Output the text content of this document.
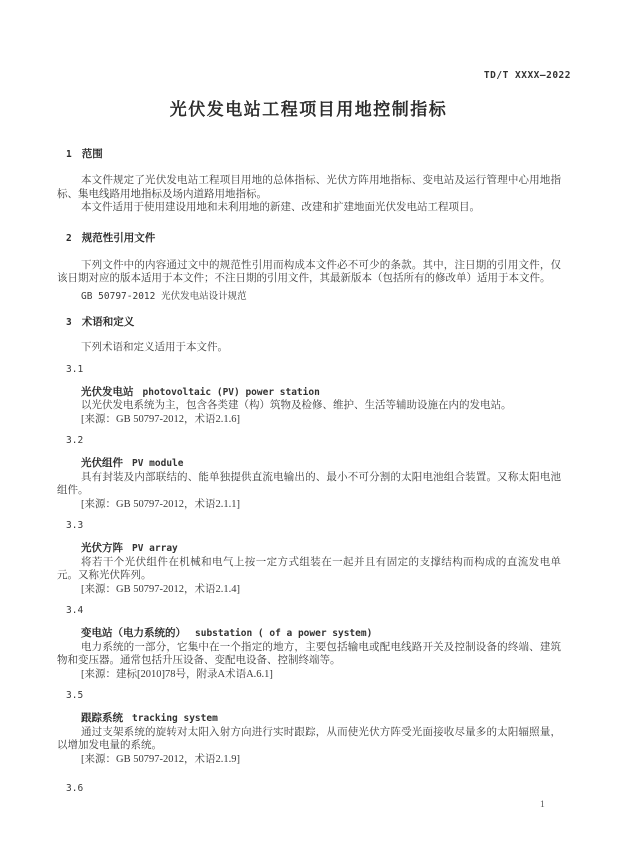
TD/T XXXX—2022
光伏发电站工程项目用地控制指标
1 范围

本文件规定了光伏发电站工程项目用地的总体指标、光伏方阵用地指标、变电站及运行管理中心用地指标、集电线路用地指标及场内道路用地指标。

本文件适用于使用建设用地和未利用地的新建、改建和扩建地面光伏发电站工程项目。

2 规范性引用文件

下列文件中的内容通过文中的规范性引用而构成本文件必不可少的条款。其中，注日期的引用文件，仅该日期对应的版本适用于本文件；不注日期的引用文件，其最新版本（包括所有的修改单）适用于本文件。

GB 50797-2012 光伏发电站设计规范
3 术语和定义

下列术语和定义适用于本文件。

3.1
光伏发电站 photovoltaic (PV) power station

以光伏发电系统为主，包含各类建（构）筑物及检修、维护、生活等辅助设施在内的发电站。

[来源：GB 50797-2012，术语2.1.6]
3.2
光伏组件 PV module

具有封装及内部联结的、能单独提供直流电输出的、最小不可分割的太阳电池组合装置。又称太阳电池组件。

[来源：GB 50797-2012，术语2.1.1]
3.3
光伏方阵 PV array

将若干个光伏组件在机械和电气上按一定方式组装在一起并且有固定的支撑结构而构成的直流发电单元。又称光伏阵列。

[来源：GB 50797-2012，术语2.1.4]
3.4
变电站（电力系统的） substation ( of a power system)

电力系统的一部分，它集中在一个指定的地方，主要包括输电或配电线路开关及控制设备的终端、建筑物和变压器。通常包括升压设备、变配电设备、控制终端等。

[来源：建标[2010]78号，附录A术语A.6.1]
3.5
跟踪系统 tracking system

通过支架系统的旋转对太阳入射方向进行实时跟踪，从而使光伏方阵受光面接收尽量多的太阳辐照量，以增加发电量的系统。

[来源：GB 50797-2012，术语2.1.9]
3.6
1
